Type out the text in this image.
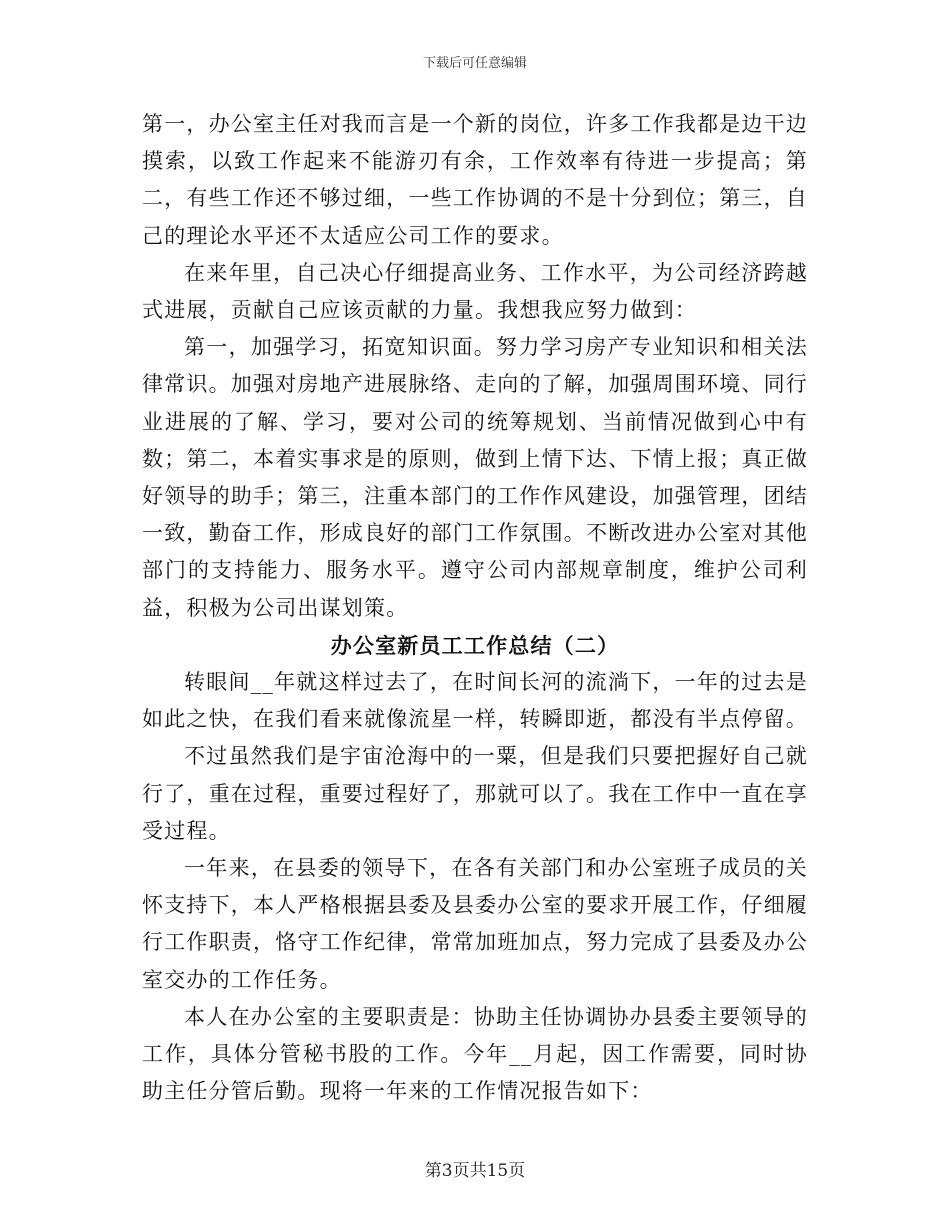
下载后可任意编辑

第一，办公室主任对我而言是一个新的岗位，许多工作我都是边干边摸索，以致工作起来不能游刃有余，工作效率有待进一步提高；第二，有些工作还不够过细，一些工作协调的不是十分到位；第三，自己的理论水平还不太适应公司工作的要求。

在来年里，自己决心仔细提高业务、工作水平，为公司经济跨越式进展，贡献自己应该贡献的力量。我想我应努力做到：

第一，加强学习，拓宽知识面。努力学习房产专业知识和相关法律常识。加强对房地产进展脉络、走向的了解，加强周围环境、同行业进展的了解、学习，要对公司的统筹规划、当前情况做到心中有数；第二，本着实事求是的原则，做到上情下达、下情上报；真正做好领导的助手；第三，注重本部门的工作作风建设，加强管理，团结一致，勤奋工作，形成良好的部门工作氛围。不断改进办公室对其他部门的支持能力、服务水平。遵守公司内部规章制度，维护公司利益，积极为公司出谋划策。

办公室新员工工作总结（二）

转眼间__年就这样过去了，在时间长河的流淌下，一年的过去是如此之快，在我们看来就像流星一样，转瞬即逝，都没有半点停留。

不过虽然我们是宇宙沧海中的一粟，但是我们只要把握好自己就行了，重在过程，重要过程好了，那就可以了。我在工作中一直在享受过程。

一年来，在县委的领导下，在各有关部门和办公室班子成员的关怀支持下，本人严格根据县委及县委办公室的要求开展工作，仔细履行工作职责，恪守工作纪律，常常加班加点，努力完成了县委及办公室交办的工作任务。

本人在办公室的主要职责是：协助主任协调协办县委主要领导的工作，具体分管秘书股的工作。今年__月起，因工作需要，同时协助主任分管后勤。现将一年来的工作情况报告如下：

第3页共15页
